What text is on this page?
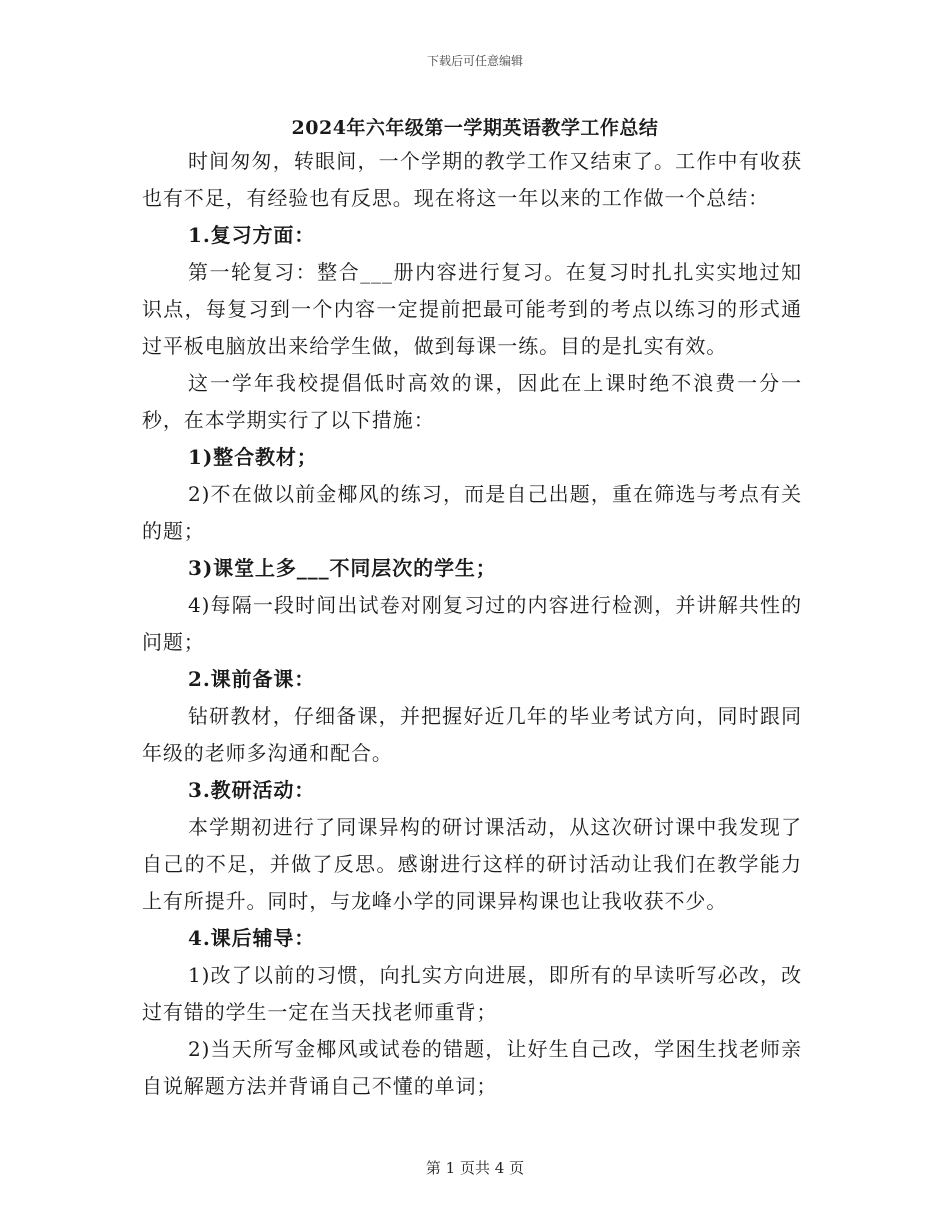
下载后可任意编辑
2024年六年级第一学期英语教学工作总结

时间匆匆，转眼间，一个学期的教学工作又结束了。工作中有收获也有不足，有经验也有反思。现在将这一年以来的工作做一个总结：

1.复习方面：

第一轮复习：整合___册内容进行复习。在复习时扎扎实实地过知识点，每复习到一个内容一定提前把最可能考到的考点以练习的形式通过平板电脑放出来给学生做，做到每课一练。目的是扎实有效。

这一学年我校提倡低时高效的课，因此在上课时绝不浪费一分一秒，在本学期实行了以下措施：

1)整合教材；

2)不在做以前金椰风的练习，而是自己出题，重在筛选与考点有关的题；

3)课堂上多___不同层次的学生；

4)每隔一段时间出试卷对刚复习过的内容进行检测，并讲解共性的问题；

2.课前备课：

钻研教材，仔细备课，并把握好近几年的毕业考试方向，同时跟同年级的老师多沟通和配合。

3.教研活动：

本学期初进行了同课异构的研讨课活动，从这次研讨课中我发现了自己的不足，并做了反思。感谢进行这样的研讨活动让我们在教学能力上有所提升。同时，与龙峰小学的同课异构课也让我收获不少。

4.课后辅导：

1)改了以前的习惯，向扎实方向进展，即所有的早读听写必改，改过有错的学生一定在当天找老师重背；

2)当天所写金椰风或试卷的错题，让好生自己改，学困生找老师亲自说解题方法并背诵自己不懂的单词；

第 1 页共 4 页
